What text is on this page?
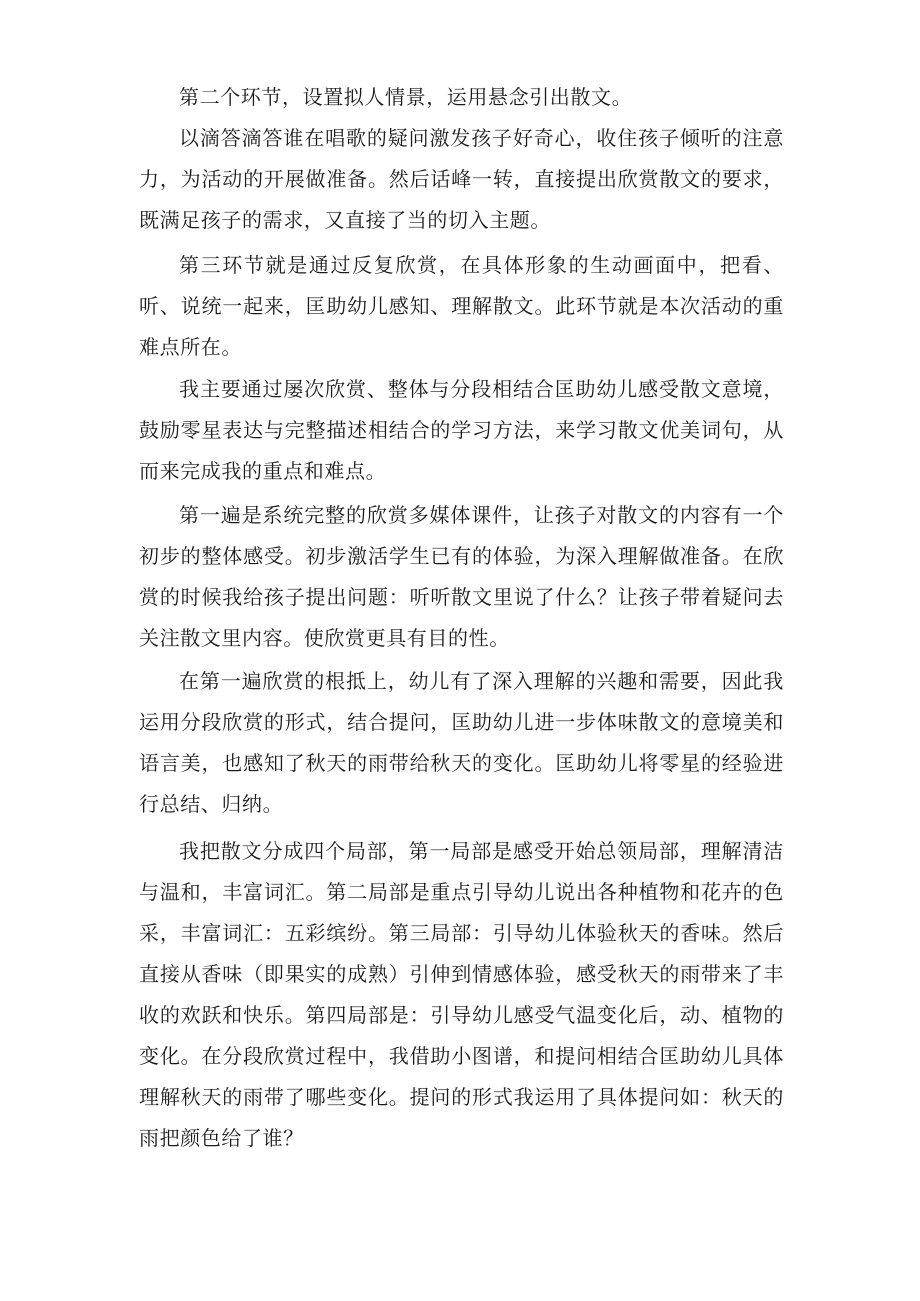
第二个环节，设置拟人情景，运用悬念引出散文。

以滴答滴答谁在唱歌的疑问激发孩子好奇心，收住孩子倾听的注意力，为活动的开展做准备。然后话峰一转，直接提出欣赏散文的要求，既满足孩子的需求，又直接了当的切入主题。

第三环节就是通过反复欣赏，在具体形象的生动画面中，把看、听、说统一起来，匡助幼儿感知、理解散文。此环节就是本次活动的重难点所在。

我主要通过屡次欣赏、整体与分段相结合匡助幼儿感受散文意境，鼓励零星表达与完整描述相结合的学习方法，来学习散文优美词句，从而来完成我的重点和难点。

第一遍是系统完整的欣赏多媒体课件，让孩子对散文的内容有一个初步的整体感受。初步激活学生已有的体验，为深入理解做准备。在欣赏的时候我给孩子提出问题：听听散文里说了什么？让孩子带着疑问去关注散文里内容。使欣赏更具有目的性。

在第一遍欣赏的根抵上，幼儿有了深入理解的兴趣和需要，因此我运用分段欣赏的形式，结合提问，匡助幼儿进一步体味散文的意境美和语言美，也感知了秋天的雨带给秋天的变化。匡助幼儿将零星的经验进行总结、归纳。

我把散文分成四个局部，第一局部是感受开始总领局部，理解清洁与温和，丰富词汇。第二局部是重点引导幼儿说出各种植物和花卉的色采，丰富词汇：五彩缤纷。第三局部：引导幼儿体验秋天的香味。然后直接从香味（即果实的成熟）引伸到情感体验，感受秋天的雨带来了丰收的欢跃和快乐。第四局部是：引导幼儿感受气温变化后，动、植物的变化。在分段欣赏过程中，我借助小图谱，和提问相结合匡助幼儿具体理解秋天的雨带了哪些变化。提问的形式我运用了具体提问如：秋天的雨把颜色给了谁？
